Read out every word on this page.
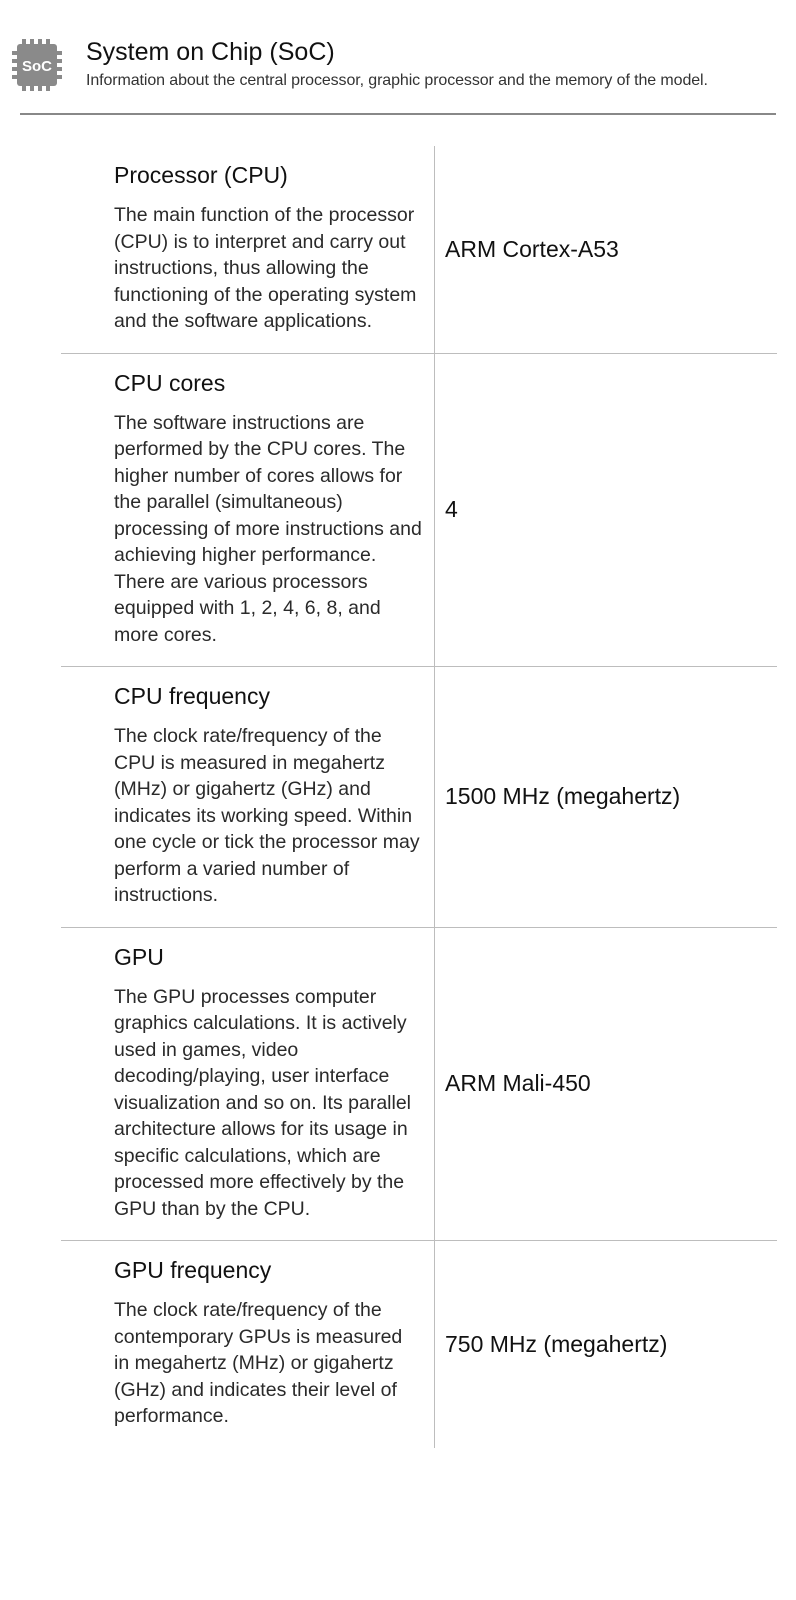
SoC
System on Chip (SoC)
Information about the central processor, graphic processor and the memory of the model.
Processor (CPU)

The main function of the processor (CPU) is to interpret and carry out instructions, thus allowing the functioning of the operating system and the software applications.

ARM Cortex-A53
CPU cores

The software instructions are performed by the CPU cores. The higher number of cores allows for the parallel (simultaneous) processing of more instructions and achieving higher performance. There are various processors equipped with 1, 2, 4, 6, 8, and more cores.

4
CPU frequency

The clock rate/frequency of the CPU is measured in megahertz (MHz) or gigahertz (GHz) and indicates its working speed. Within one cycle or tick the processor may perform a varied number of instructions.

1500 MHz (megahertz)
GPU

The GPU processes computer graphics calculations. It is actively used in games, video decoding/playing, user interface visualization and so on. Its parallel architecture allows for its usage in specific calculations, which are processed more effectively by the GPU than by the CPU.

ARM Mali-450
GPU frequency

The clock rate/frequency of the contemporary GPUs is measured in megahertz (MHz) or gigahertz (GHz) and indicates their level of performance.

750 MHz (megahertz)
